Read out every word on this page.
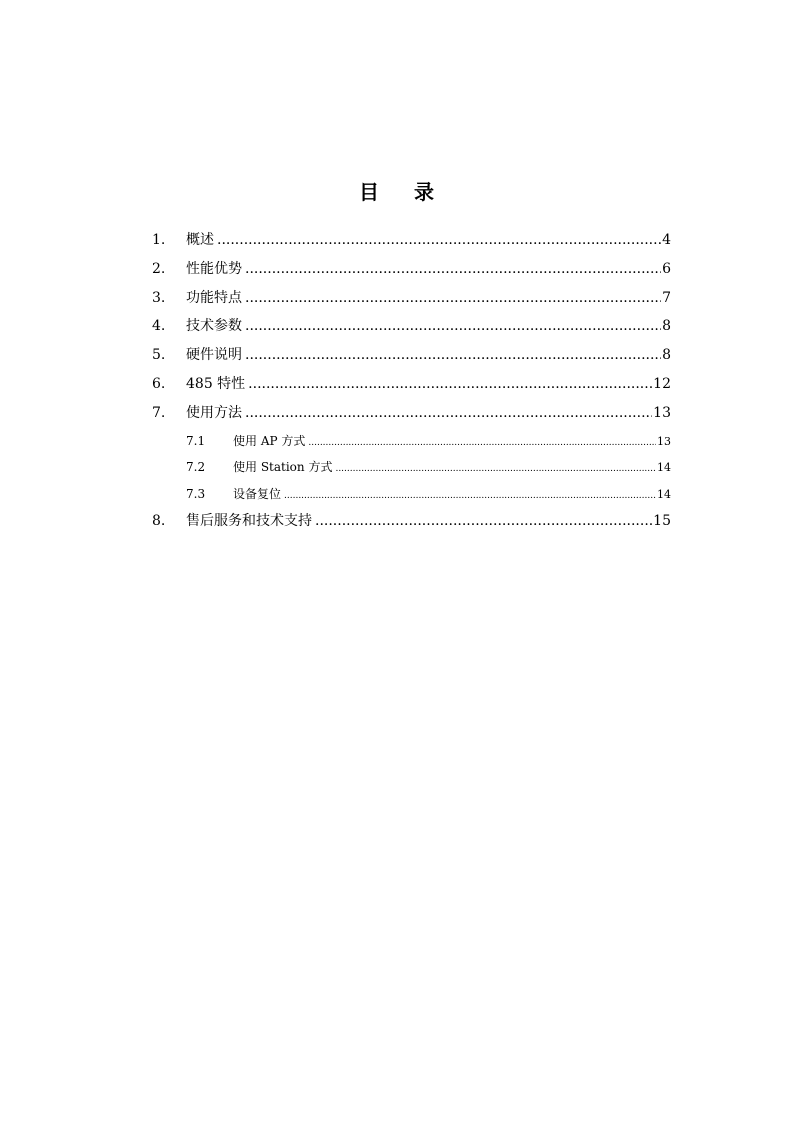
目 录
1.	概述 .....	4
2.	性能优势 .....	6
3.	功能特点 .....	7
4.	技术参数 .....	8
5.	硬件说明 .....	8
6.	485 特性 .....	12
7.	使用方法 .....	13
7.1	使用 AP 方式 .....	13
7.2	使用 Station 方式 .....	14
7.3	设备复位 .....	14
8.	售后服务和技术支持 .....	15
